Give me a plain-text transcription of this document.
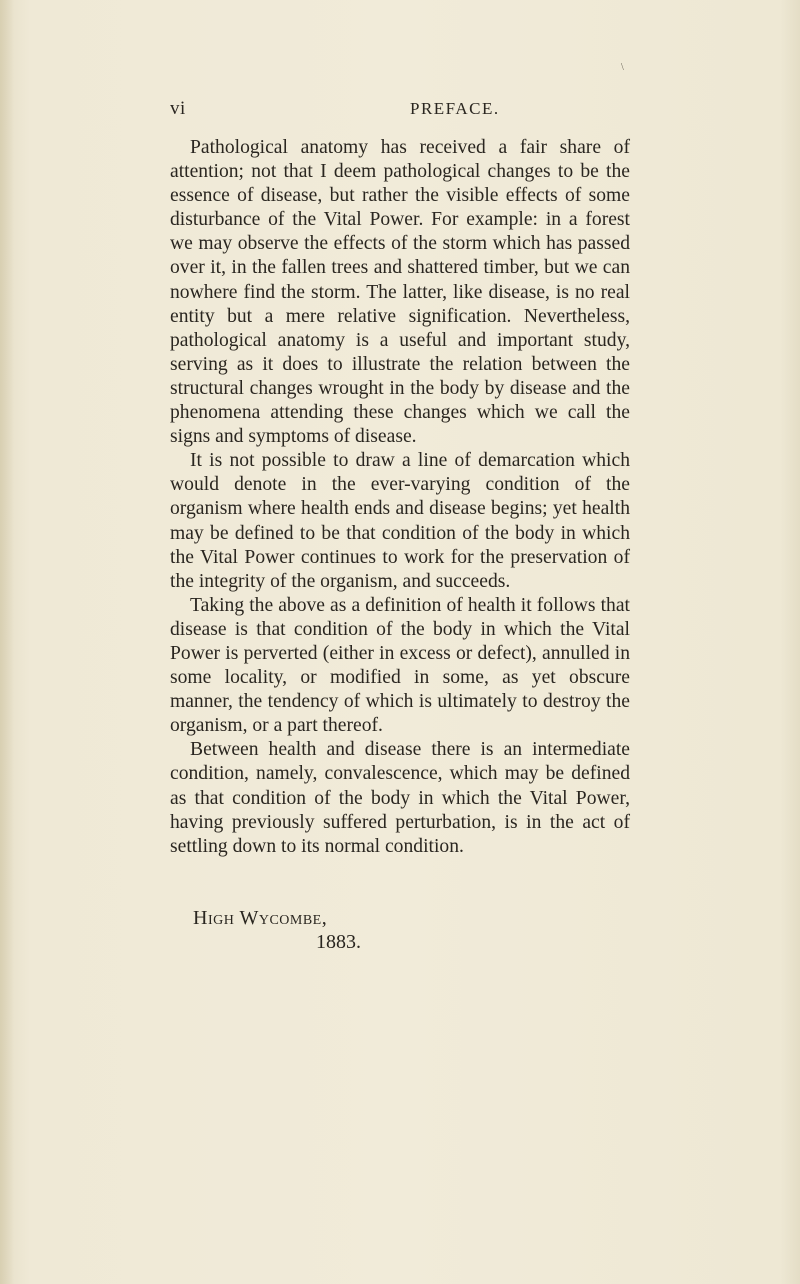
\
vi	PREFACE.

Pathological anatomy has received a fair share of attention; not that I deem pathological changes to be the essence of disease, but rather the visible effects of some disturbance of the Vital Power. For example: in a forest we may observe the effects of the storm which has passed over it, in the fallen trees and shattered timber, but we can nowhere find the storm. The latter, like disease, is no real entity but a mere relative signification. Nevertheless, pathological anatomy is a useful and important study, serving as it does to illustrate the relation between the structural changes wrought in the body by disease and the phenomena attending these changes which we call the signs and symptoms of disease.

It is not possible to draw a line of demarcation which would denote in the ever-varying condition of the organism where health ends and disease begins; yet health may be defined to be that condition of the body in which the Vital Power continues to work for the preservation of the integrity of the organism, and succeeds.

Taking the above as a definition of health it follows that disease is that condition of the body in which the Vital Power is perverted (either in excess or defect), annulled in some locality, or modified in some, as yet obscure manner, the tendency of which is ultimately to destroy the organism, or a part thereof.

Between health and disease there is an intermediate condition, namely, convalescence, which may be defined as that condition of the body in which the Vital Power, having previously suffered perturbation, is in the act of settling down to its normal condition.

High Wycombe,
1883.
